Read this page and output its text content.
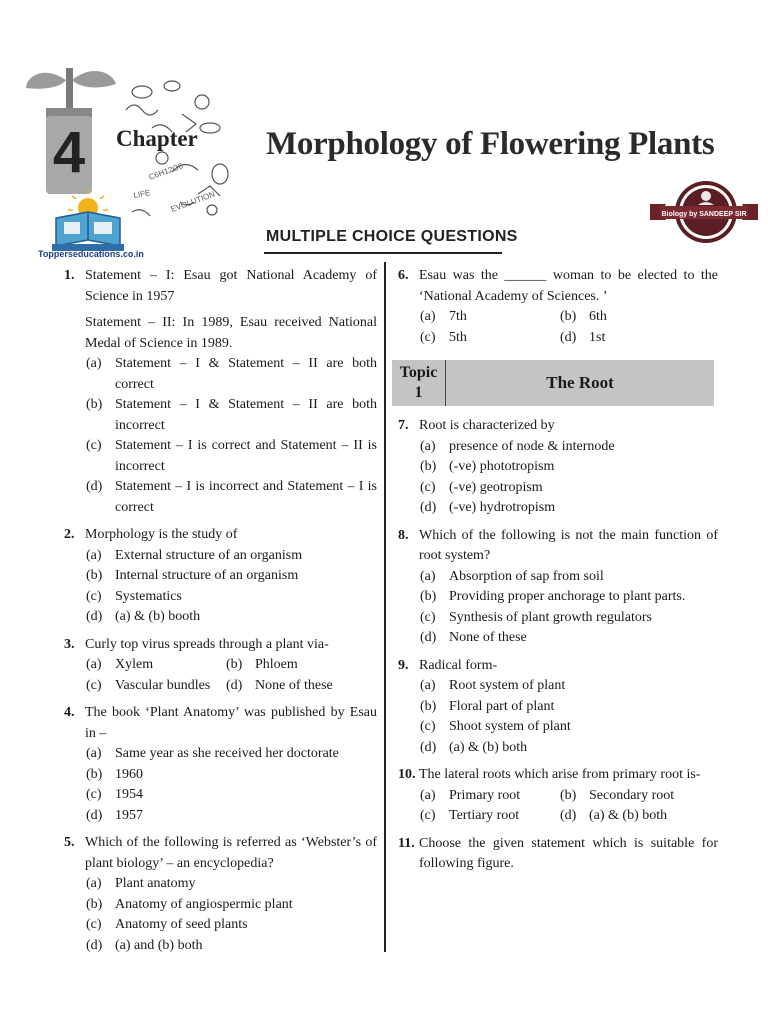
C6H12O6
LIFE EVOLUTION
4 Chapter
Topperseducations.co.in
Morphology of Flowering Plants
Biology by SANDEEP SIR
MULTIPLE CHOICE QUESTIONS
1. Statement – I: Esau got National Academy of Science in 1957
Statement – II: In 1989, Esau received National Medal of Science in 1989.
(a) Statement – I & Statement – II are both correct
(b) Statement – I & Statement – II are both incorrect
(c) Statement – I is correct and Statement – II is incorrect
(d) Statement – I is incorrect and Statement – I is correct
2. Morphology is the study of
(a) External structure of an organism
(b) Internal structure of an organism
(c) Systematics
(d) (a) & (b) booth
3. Curly top virus spreads through a plant via-
(a) Xylem	(b) Phloem
(c) Vascular bundles (d) None of these
4. The book ‘Plant Anatomy’ was published by Esau in –
(a) Same year as she received her doctorate
(b) 1960
(c) 1954
(d) 1957
5. Which of the following is referred as ‘Webster’s of plant biology’ – an encyclopedia?
(a) Plant anatomy
(b) Anatomy of angiospermic plant
(c) Anatomy of seed plants
(d) (a) and (b) both
6. Esau was the ______ woman to be elected to the ‘National Academy of Sciences. ’
(a) 7th	(b) 6th
(c) 5th	(d) 1st
Topic
1
The Root
7. Root is characterized by
(a) presence of node & internode
(b) (-ve) phototropism
(c) (-ve) geotropism
(d) (-ve) hydrotropism
8. Which of the following is not the main function of root system?
(a) Absorption of sap from soil
(b) Providing proper anchorage to plant parts.
(c) Synthesis of plant growth regulators
(d) None of these
9. Radical form-
(a) Root system of plant
(b) Floral part of plant
(c) Shoot system of plant
(d) (a) & (b) both
10. The lateral roots which arise from primary root is-
(a) Primary root	(b) Secondary root
(c) Tertiary root	(d) (a) & (b) both
11. Choose the given statement which is suitable for following figure.
